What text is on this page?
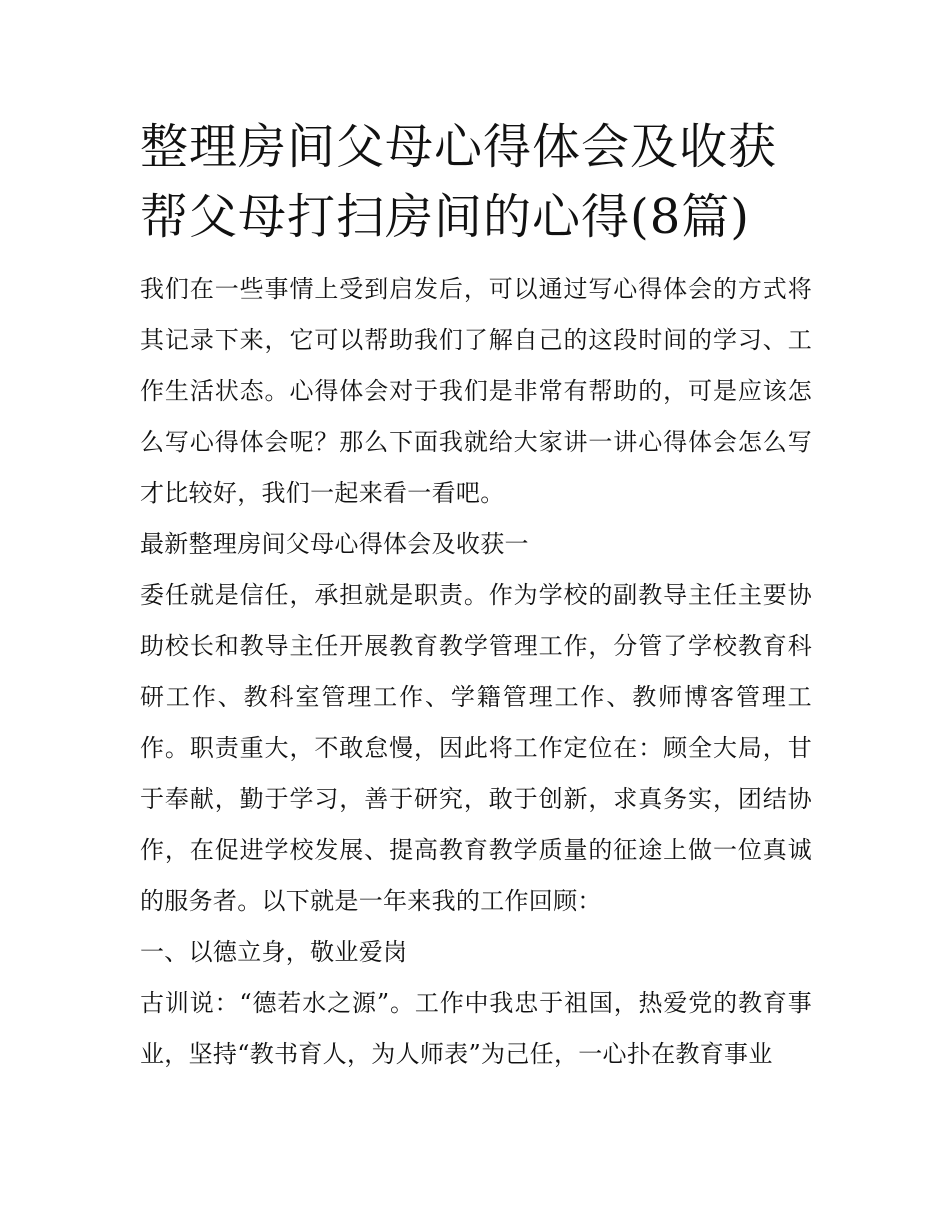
整理房间父母心得体会及收获帮父母打扫房间的心得(8篇)

我们在一些事情上受到启发后，可以通过写心得体会的方式将其记录下来，它可以帮助我们了解自己的这段时间的学习、工作生活状态。心得体会对于我们是非常有帮助的，可是应该怎么写心得体会呢？那么下面我就给大家讲一讲心得体会怎么写才比较好，我们一起来看一看吧。

最新整理房间父母心得体会及收获一

委任就是信任，承担就是职责。作为学校的副教导主任主要协助校长和教导主任开展教育教学管理工作，分管了学校教育科研工作、教科室管理工作、学籍管理工作、教师博客管理工作。职责重大，不敢怠慢，因此将工作定位在：顾全大局，甘于奉献，勤于学习，善于研究，敢于创新，求真务实，团结协作，在促进学校发展、提高教育教学质量的征途上做一位真诚的服务者。以下就是一年来我的工作回顾：

一、以德立身，敬业爱岗

古训说：“德若水之源”。工作中我忠于祖国，热爱党的教育事业，坚持“教书育人，为人师表”为己任，一心扑在教育事业
